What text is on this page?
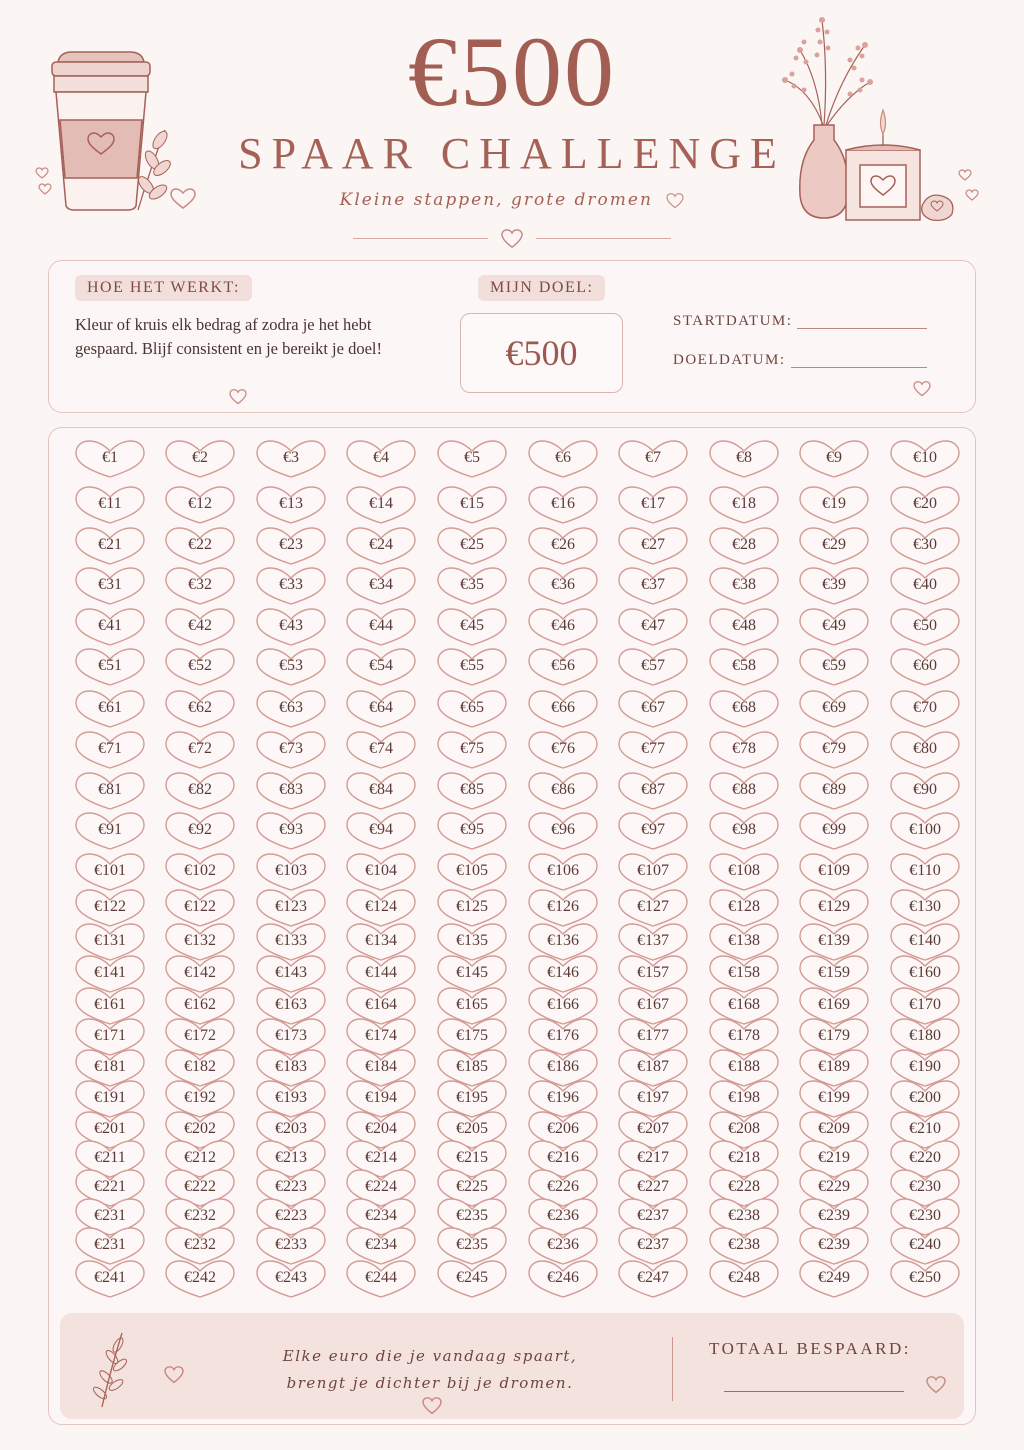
€500
SPAAR CHALLENGE
Kleine stappen, grote dromen
HOE HET WERKT:
Kleur of kruis elk bedrag af zodra je het hebt gespaard. Blijf consistent en je bereikt je doel!
MIJN DOEL:
€500
STARTDATUM:
DOELDATUM:
€1	€2	€3	€4	€5	€6	€7	€8	€9	€10
€11	€12	€13	€14	€15	€16	€17	€18	€19	€20
€21	€22	€23	€24	€25	€26	€27	€28	€29	€30
€31	€32	€33	€34	€35	€36	€37	€38	€39	€40
€41	€42	€43	€44	€45	€46	€47	€48	€49	€50
€51	€52	€53	€54	€55	€56	€57	€58	€59	€60
€61	€62	€63	€64	€65	€66	€67	€68	€69	€70
€71	€72	€73	€74	€75	€76	€77	€78	€79	€80
€81	€82	€83	€84	€85	€86	€87	€88	€89	€90
€91	€92	€93	€94	€95	€96	€97	€98	€99	€100
€101	€102	€103	€104	€105	€106	€107	€108	€109	€110
€122	€122	€123	€124	€125	€126	€127	€128	€129	€130
€131	€132	€133	€134	€135	€136	€137	€138	€139	€140
€141	€142	€143	€144	€145	€146	€157	€158	€159	€160
€161	€162	€163	€164	€165	€166	€167	€168	€169	€170
€171	€172	€173	€174	€175	€176	€177	€178	€179	€180
€181	€182	€183	€184	€185	€186	€187	€188	€189	€190
€191	€192	€193	€194	€195	€196	€197	€198	€199	€200
€201	€202	€203	€204	€205	€206	€207	€208	€209	€210
€211	€212	€213	€214	€215	€216	€217	€218	€219	€220
€221	€222	€223	€224	€225	€226	€227	€228	€229	€230
€231	€232	€223	€234	€235	€236	€237	€238	€239	€230
€231	€232	€233	€234	€235	€236	€237	€238	€239	€240
€241	€242	€243	€244	€245	€246	€247	€248	€249	€250
Elke euro die je vandaag spaart,
brengt je dichter bij je dromen.
TOTAAL BESPAARD:
